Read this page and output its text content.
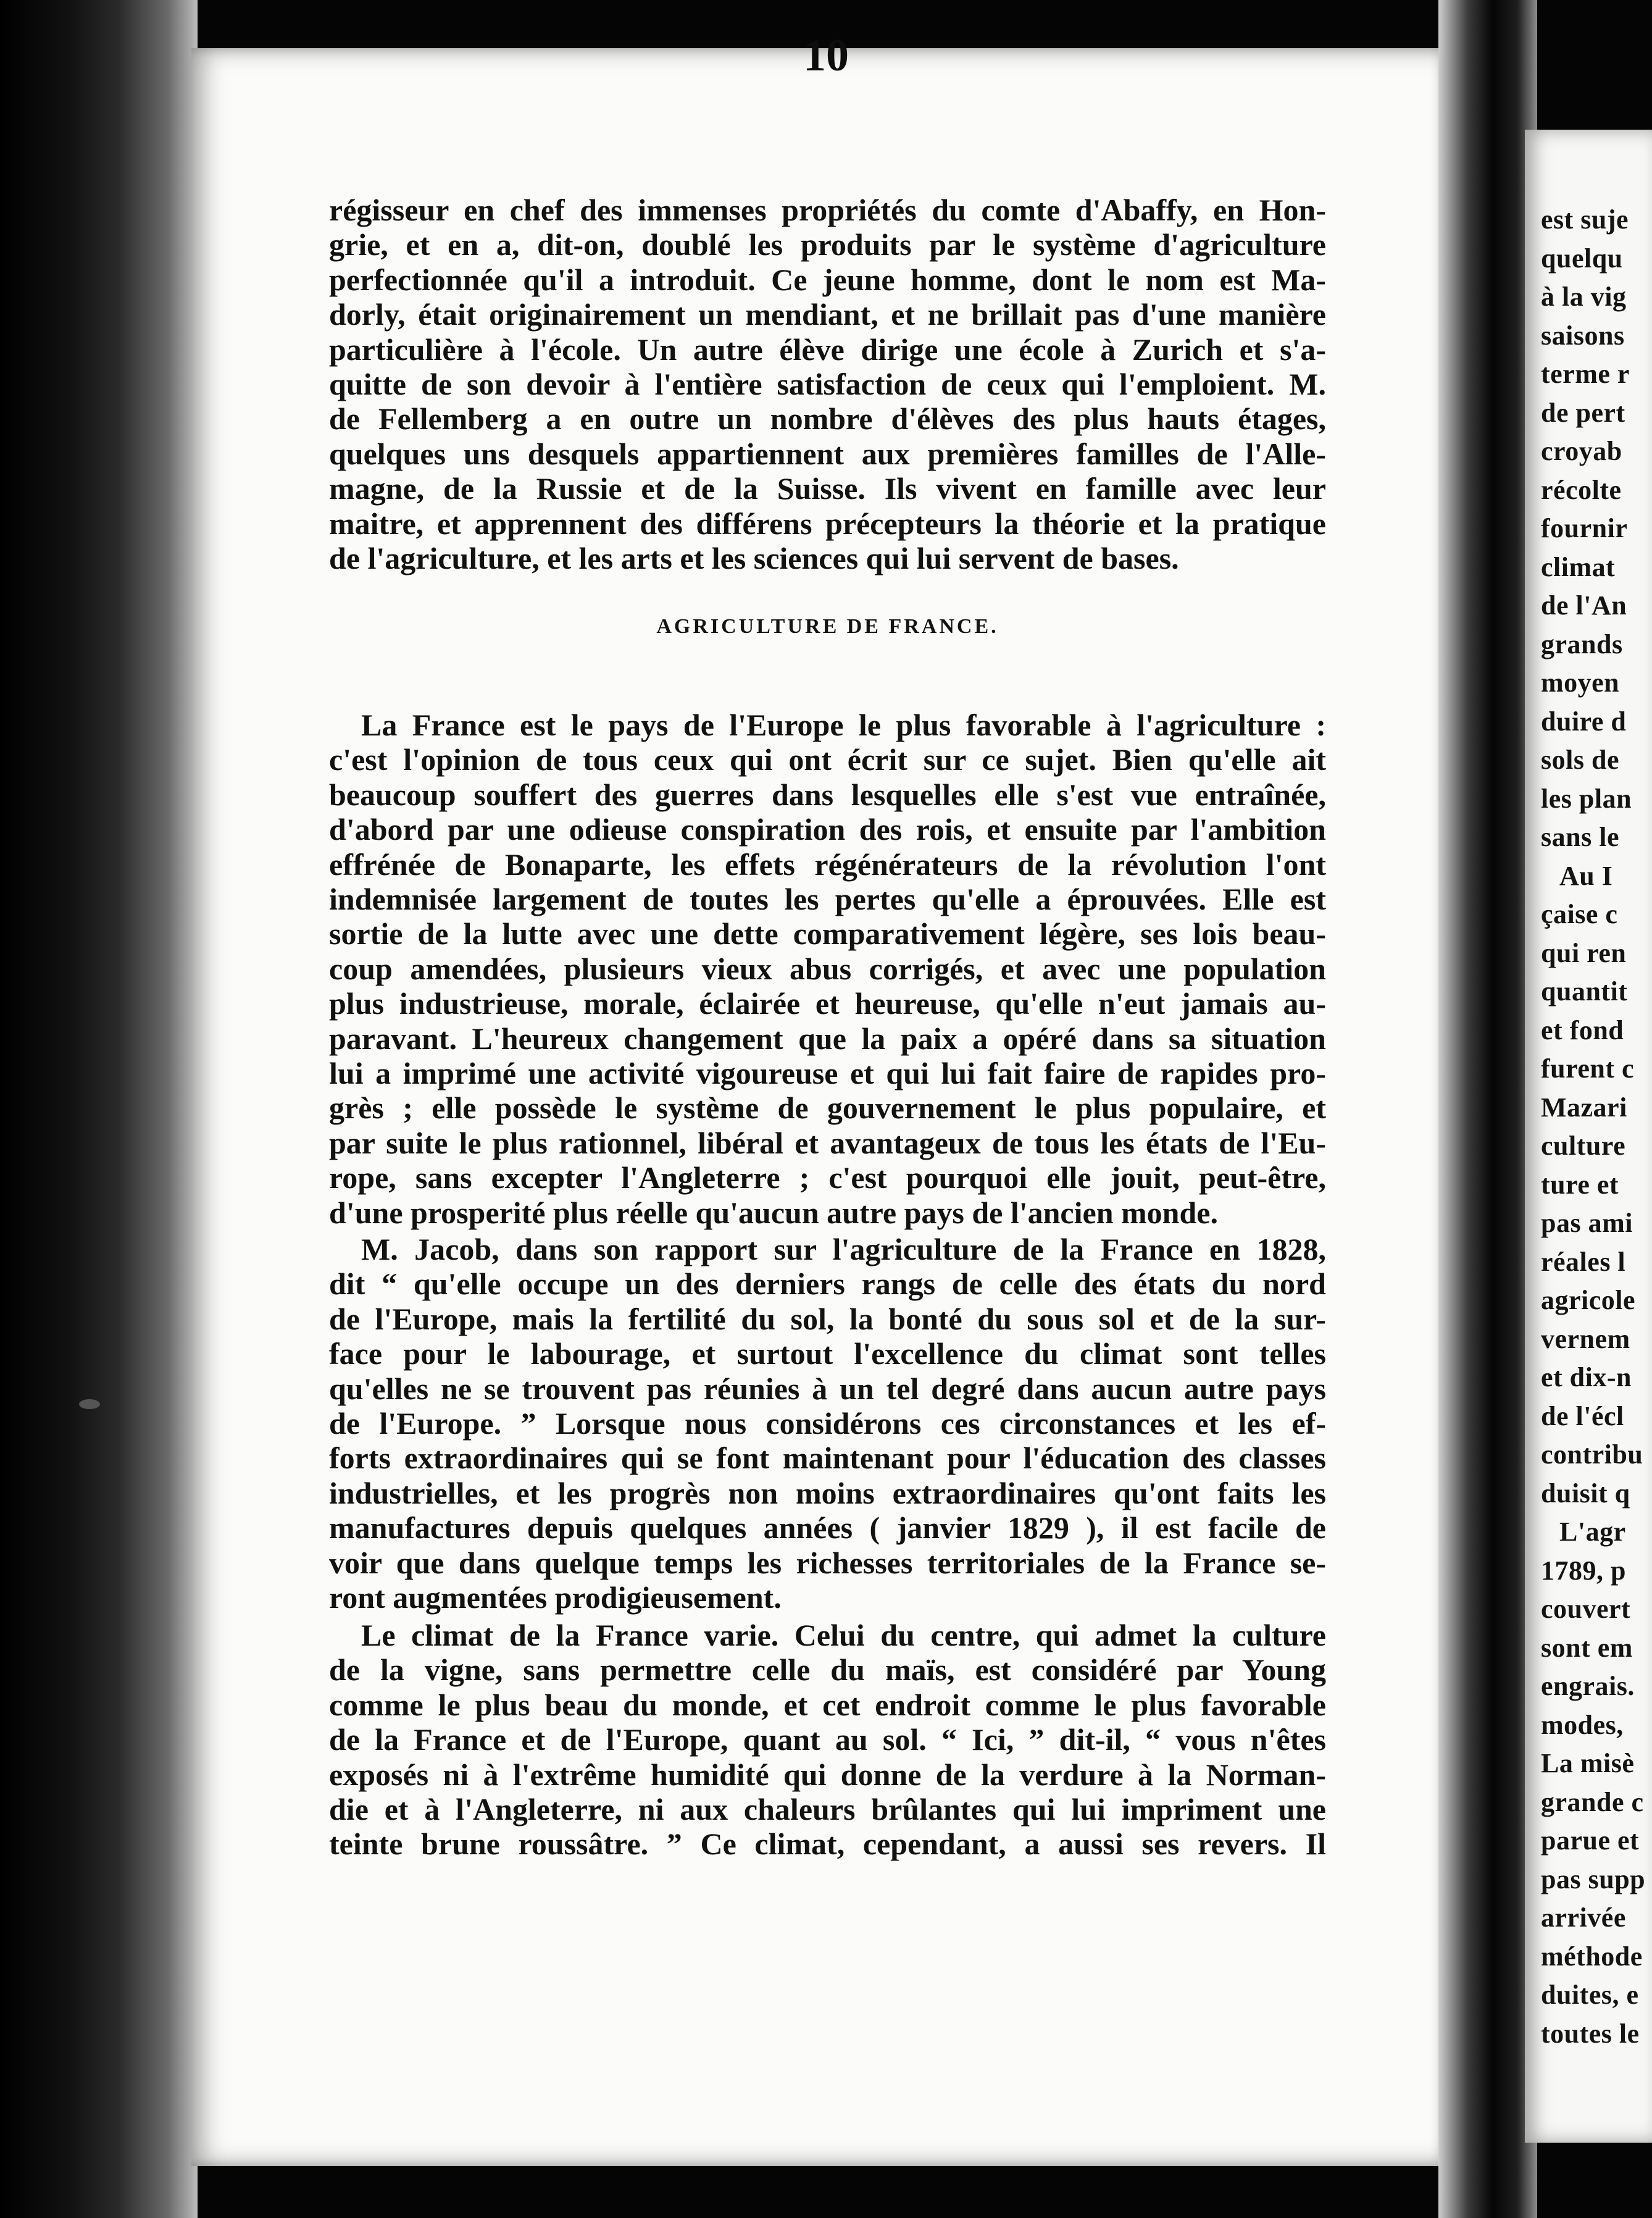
est suje
quelqu
à la vig
saisons
terme r
de pert
croyab
récolte
fournir
climat
de l'An
grands
moyen
duire d
sols de
les plan
sans le
Au I
çaise c
qui ren
quantit
et fond
furent c
Mazari
culture
ture et
pas ami
réales l
agricole
vernem
et dix-n
de l'écl
contribu
duisit q
L'agr
1789, p
couvert
sont em
engrais.
modes,
La misè
grande c
parue et
pas supp
arrivée
méthode
duites, e
toutes le
10
AGRICULTURE DE FRANCE.
régisseur en chef des immenses propriétés du comte d'Abaffy, en Hon-
grie, et en a, dit-on, doublé les produits par le système d'agriculture
perfectionnée qu'il a introduit. Ce jeune homme, dont le nom est Ma-
dorly, était originairement un mendiant, et ne brillait pas d'une manière
particulière à l'école. Un autre élève dirige une école à Zurich et s'a-
quitte de son devoir à l'entière satisfaction de ceux qui l'emploient. M.
de Fellemberg a en outre un nombre d'élèves des plus hauts étages,
quelques uns desquels appartiennent aux premières familles de l'Alle-
magne, de la Russie et de la Suisse. Ils vivent en famille avec leur
maitre, et apprennent des différens précepteurs la théorie et la pratique
de l'agriculture, et les arts et les sciences qui lui servent de bases.
La France est le pays de l'Europe le plus favorable à l'agriculture :
c'est l'opinion de tous ceux qui ont écrit sur ce sujet. Bien qu'elle ait
beaucoup souffert des guerres dans lesquelles elle s'est vue entraînée,
d'abord par une odieuse conspiration des rois, et ensuite par l'ambition
effrénée de Bonaparte, les effets régénérateurs de la révolution l'ont
indemnisée largement de toutes les pertes qu'elle a éprouvées. Elle est
sortie de la lutte avec une dette comparativement légère, ses lois beau-
coup amendées, plusieurs vieux abus corrigés, et avec une population
plus industrieuse, morale, éclairée et heureuse, qu'elle n'eut jamais au-
paravant. L'heureux changement que la paix a opéré dans sa situation
lui a imprimé une activité vigoureuse et qui lui fait faire de rapides pro-
grès ; elle possède le système de gouvernement le plus populaire, et
par suite le plus rationnel, libéral et avantageux de tous les états de l'Eu-
rope, sans excepter l'Angleterre ; c'est pourquoi elle jouit, peut-être,
d'une prosperité plus réelle qu'aucun autre pays de l'ancien monde.
M. Jacob, dans son rapport sur l'agriculture de la France en 1828,
dit “ qu'elle occupe un des derniers rangs de celle des états du nord
de l'Europe, mais la fertilité du sol, la bonté du sous sol et de la sur-
face pour le labourage, et surtout l'excellence du climat sont telles
qu'elles ne se trouvent pas réunies à un tel degré dans aucun autre pays
de l'Europe. ” Lorsque nous considérons ces circonstances et les ef-
forts extraordinaires qui se font maintenant pour l'éducation des classes
industrielles, et les progrès non moins extraordinaires qu'ont faits les
manufactures depuis quelques années ( janvier 1829 ), il est facile de
voir que dans quelque temps les richesses territoriales de la France se-
ront augmentées prodigieusement.
Le climat de la France varie. Celui du centre, qui admet la culture
de la vigne, sans permettre celle du maïs, est considéré par Young
comme le plus beau du monde, et cet endroit comme le plus favorable
de la France et de l'Europe, quant au sol. “ Ici, ” dit-il, “ vous n'êtes
exposés ni à l'extrême humidité qui donne de la verdure à la Norman-
die et à l'Angleterre, ni aux chaleurs brûlantes qui lui impriment une
teinte brune roussâtre. ” Ce climat, cependant, a aussi ses revers. Il
